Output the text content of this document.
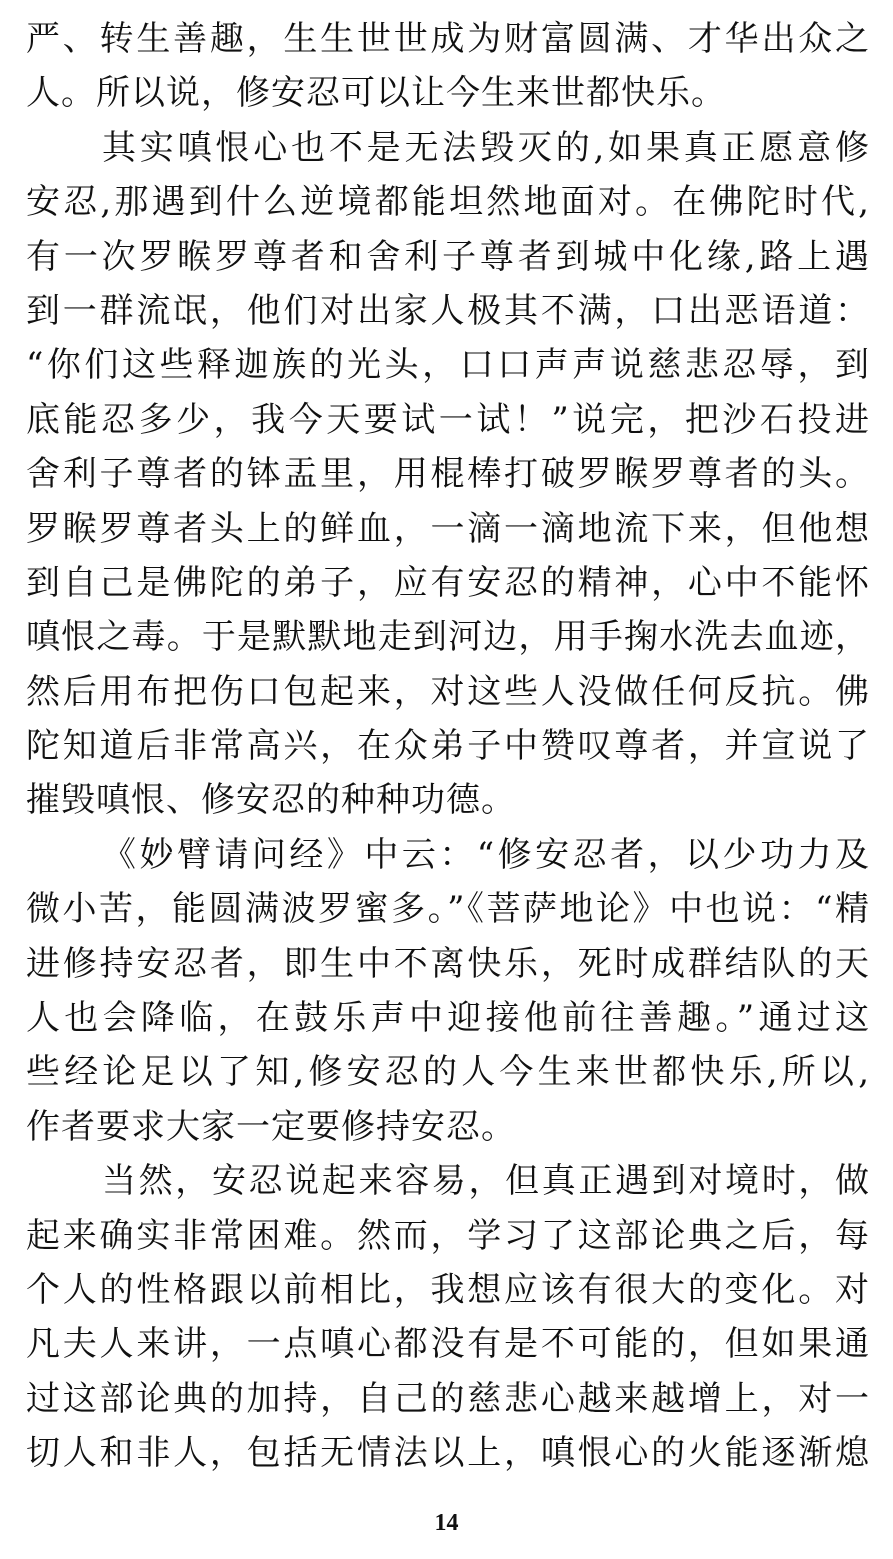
严、转生善趣，生生世世成为财富圆满、才华出众之
人。所以说，修安忍可以让今生来世都快乐。
其实嗔恨心也不是无法毁灭的,如果真正愿意修
安忍,那遇到什么逆境都能坦然地面对。在佛陀时代,
有一次罗睺罗尊者和舍利子尊者到城中化缘,路上遇
到一群流氓，他们对出家人极其不满，口出恶语道：
“你们这些释迦族的光头，口口声声说慈悲忍辱，到
底能忍多少，我今天要试一试！”说完，把沙石投进
舍利子尊者的钵盂里，用棍棒打破罗睺罗尊者的头。
罗睺罗尊者头上的鲜血，一滴一滴地流下来，但他想
到自己是佛陀的弟子，应有安忍的精神，心中不能怀
嗔恨之毒。于是默默地走到河边，用手掬水洗去血迹，
然后用布把伤口包起来，对这些人没做任何反抗。佛
陀知道后非常高兴，在众弟子中赞叹尊者，并宣说了
摧毁嗔恨、修安忍的种种功德。
《妙臂请问经》中云：“修安忍者，以少功力及
微小苦，能圆满波罗蜜多。”《菩萨地论》中也说：“精
进修持安忍者，即生中不离快乐，死时成群结队的天
人也会降临，在鼓乐声中迎接他前往善趣。”通过这
些经论足以了知,修安忍的人今生来世都快乐,所以,
作者要求大家一定要修持安忍。
当然，安忍说起来容易，但真正遇到对境时，做
起来确实非常困难。然而，学习了这部论典之后，每
个人的性格跟以前相比，我想应该有很大的变化。对
凡夫人来讲，一点嗔心都没有是不可能的，但如果通
过这部论典的加持，自己的慈悲心越来越增上，对一
切人和非人，包括无情法以上，嗔恨心的火能逐渐熄
14
